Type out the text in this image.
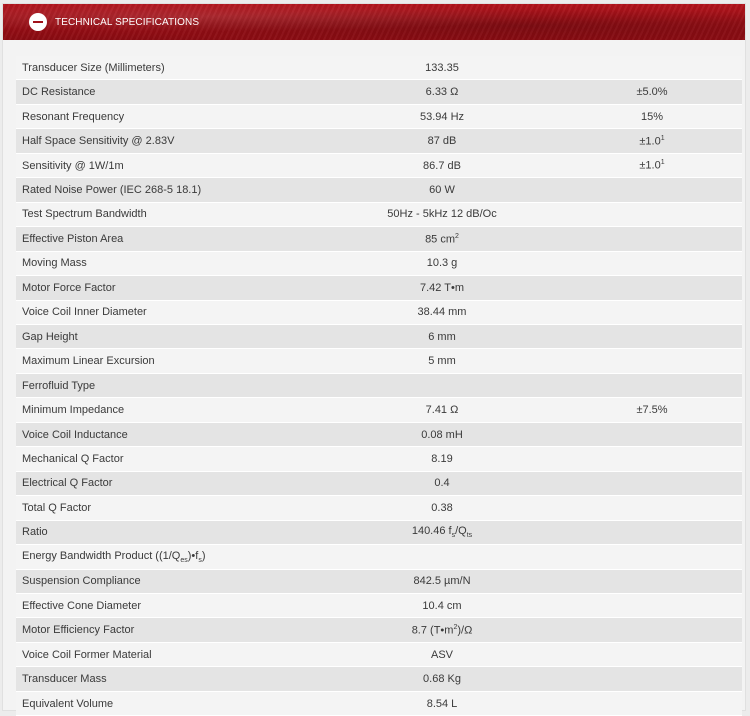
TECHNICAL SPECIFICATIONS
Transducer Size (Millimeters)	133.35	
DC Resistance	6.33 Ω	±5.0%
Resonant Frequency	53.94 Hz	15%
Half Space Sensitivity @ 2.83V	87 dB	$\pm 1.0^1$
Sensitivity @ 1W/1m	86.7 dB	$\pm 1.0^1$
Rated Noise Power (IEC 268-5 18.1)	60 W	
Test Spectrum Bandwidth	50Hz - 5kHz 12 dB/Oc	
Effective Piston Area	85 $cm^2$	
Moving Mass	10.3 g	
Motor Force Factor	7.42 T•m	
Voice Coil Inner Diameter	38.44 mm	
Gap Height	6 mm	
Maximum Linear Excursion	5 mm	
Ferrofluid Type		
Minimum Impedance	7.41 Ω	±7.5%
Voice Coil Inductance	0.08 mH	
Mechanical Q Factor	8.19	
Electrical Q Factor	0.4	
Total Q Factor	0.38	
Ratio	140.46 $f_s/Q_{ts}$	
Energy Bandwidth Product $((1/Q_{es})•f_s)$		
Suspension Compliance	842.5 µm/N	
Effective Cone Diameter	10.4 cm	
Motor Efficiency Factor	8.7 $(T•m^2)/\Omega$	
Voice Coil Former Material	ASV	
Transducer Mass	0.68 Kg	
Equivalent Volume	8.54 L	
